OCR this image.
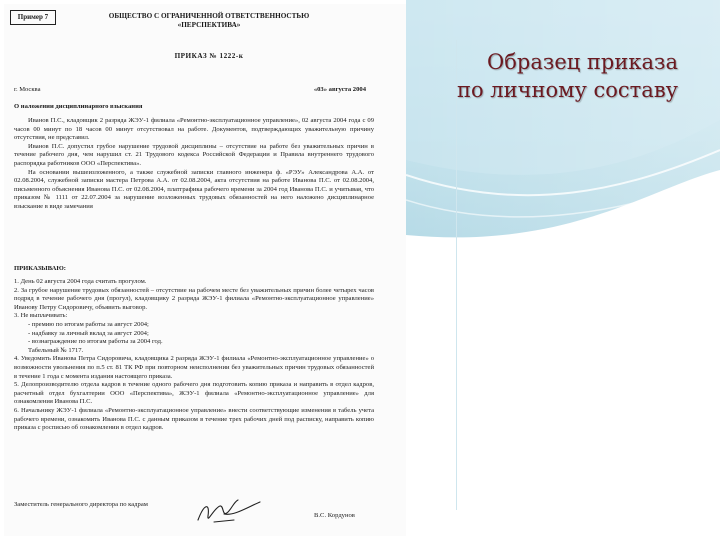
Пример 7	ОБЩЕСТВО С ОГРАНИЧЕННОЙ ОТВЕТСТВЕННОСТЬЮ
«ПЕРСПЕКТИВА»
ПРИКАЗ № 1222-к
г. Москва	«03» августа 2004
О наложении дисциплинарного взыскания

Иванов П.С., кладовщик 2 разряда ЖЭУ-1 филиала «Ремонтно-эксплуатационное управление», 02 августа 2004 года с 09 часов 00 минут по 18 часов 00 минут отсутствовал на работе. Документов, подтверждающих уважительную причину отсутствия, не представил.

Иванов П.С. допустил грубое нарушение трудовой дисциплины – отсутствие на работе без уважительных причин в течение рабочего дня, чем нарушил ст. 21 Трудового кодекса Российской Федерации и Правила внутреннего трудового распорядка работников ООО «Перспектива».

На основании вышеизложенного, а также служебной записки главного инженера ф. «РЭУ» Александрова А.А. от 02.08.2004, служебной записки мастера Петрова А.А. от 02.08.2004, акта отсутствия на работе Иванова П.С. от 02.08.2004, письменного объяснения Иванова П.С. от 02.08.2004, платграфика рабочего времени за 2004 год Иванова П.С. и учитывая, что приказом № 1111 от 22.07.2004 за нарушение возложенных трудовых обязанностей на него наложено дисциплинарное взыскание в виде замечания

ПРИКАЗЫВАЮ:

1. День 02 августа 2004 года считать прогулом.

2. За грубое нарушение трудовых обязанностей – отсутствие на рабочем месте без уважительных причин более четырех часов подряд в течение рабочего дня (прогул), кладовщику 2 разряда ЖЭУ-1 филиала «Ремонтно-эксплуатационное управление» Иванову Петру Сидоровичу, объявить выговор.

3. Не выплачивать:

- премию по итогам работы за август 2004;

- надбавку за личный вклад за август 2004;

- вознаграждение по итогам работы за 2004 год.

Табельный № 1717.

4. Уведомить Иванова Петра Сидоровича, кладовщика 2 разряда ЖЭУ-1 филиала «Ремонтно-эксплуатационное управление» о возможности увольнения по п.5 ст. 81 ТК РФ при повторном неисполнении без уважительных причин трудовых обязанностей в течение 1 года с момента издания настоящего приказа.

5. Делопроизводителю отдела кадров в течение одного рабочего дня подготовить копию приказа и направить в отдел кадров, расчетный отдел бухгалтерии ООО «Перспектива», ЖЭУ-1 филиала «Ремонтно-эксплуатационное управление» для ознакомления Иванова П.С.

6. Начальнику ЖЭУ-1 филиала «Ремонтно-эксплуатационное управление» внести соответствующие изменения в табель учета рабочего времени, ознакомить Иванова П.С. с данным приказом в течение трех рабочих дней под расписку, направить копию приказа с росписью об ознакомлении в отдел кадров.

Заместитель генерального директора по кадрам
В.С. Кордунов
Образец приказа
по личному составу
